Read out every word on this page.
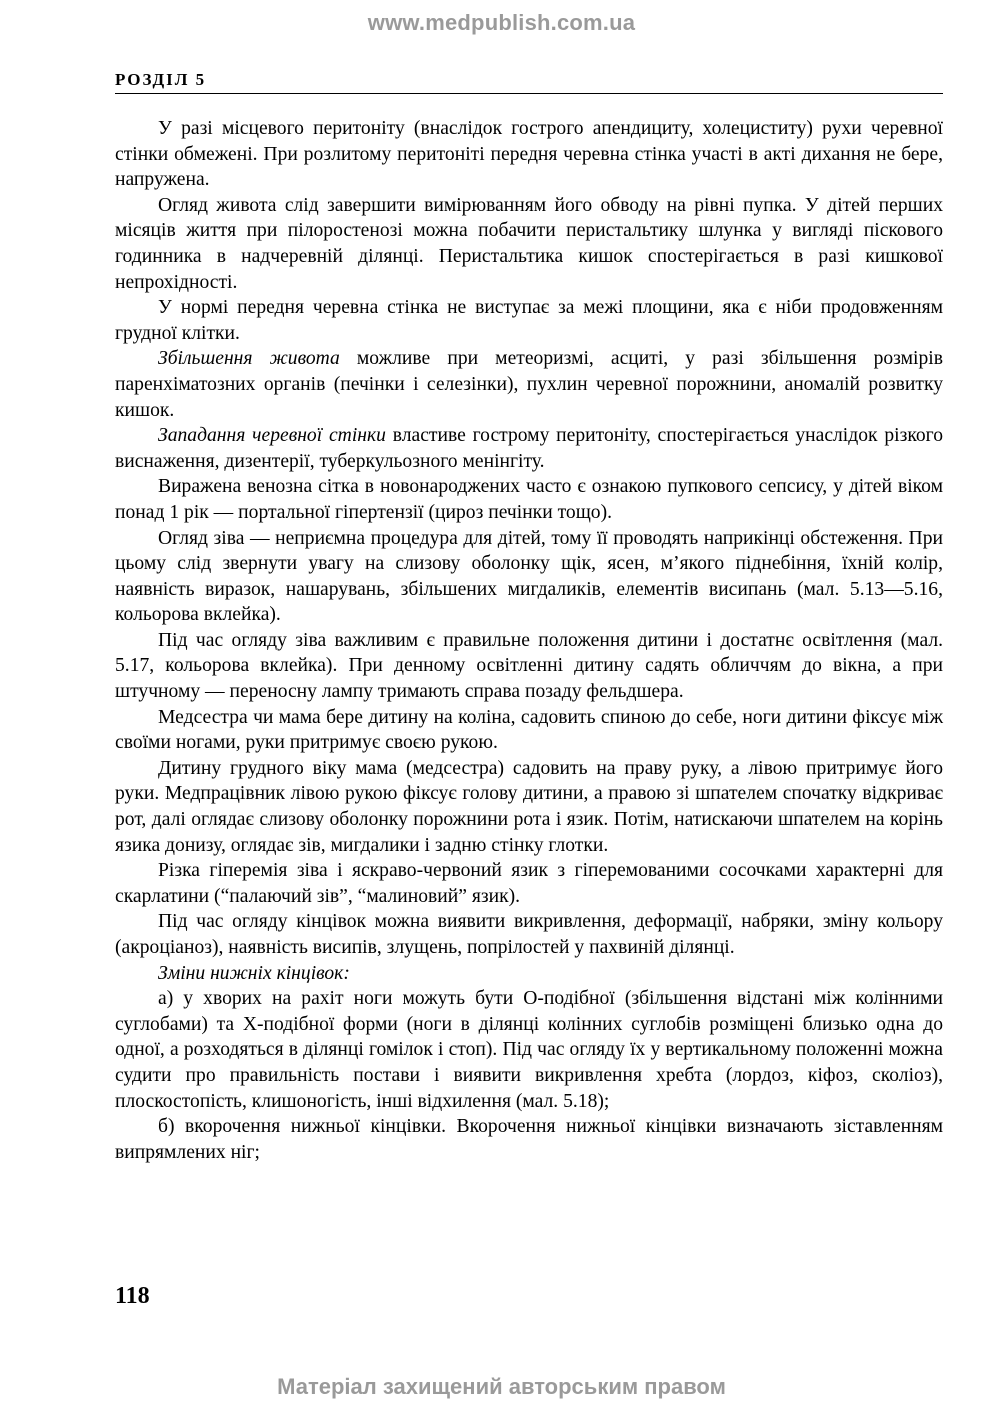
www.medpublish.com.ua
РОЗДІЛ 5

У разі місцевого перитоніту (внаслідок гострого апендициту, холециститу) рухи черевної стінки обмежені. При розлитому перитоніті передня черевна стінка участі в акті дихання не бере, напружена.

Огляд живота слід завершити вимірюванням його обводу на рівні пупка. У дітей перших місяців життя при пілоростенозі можна побачити перистальтику шлунка у вигляді піскового годинника в надчеревній ділянці. Перистальтика кишок спостерігається в разі кишкової непрохідності.

У нормі передня черевна стінка не виступає за межі площини, яка є ніби продовженням грудної клітки.

Збільшення живота можливе при метеоризмі, асциті, у разі збільшення розмірів паренхіматозних органів (печінки і селезінки), пухлин черевної порожнини, аномалій розвитку кишок.

Западання черевної стінки властиве гострому перитоніту, спостерігається унаслідок різкого виснаження, дизентерії, туберкульозного менінгіту.

Виражена венозна сітка в новонароджених часто є ознакою пупкового сепсису, у дітей віком понад 1 рік — портальної гіпертензії (цироз печінки тощо).

Огляд зіва — неприємна процедура для дітей, тому її проводять наприкінці обстеження. При цьому слід звернути увагу на слизову оболонку щік, ясен, м’якого піднебіння, їхній колір, наявність виразок, нашарувань, збільшених мигдаликів, елементів висипань (мал. 5.13—5.16, кольорова вклейка).

Під час огляду зіва важливим є правильне положення дитини і достатнє освітлення (мал. 5.17, кольорова вклейка). При денному освітленні дитину садять обличчям до вікна, а при штучному — переносну лампу тримають справа позаду фельдшера.

Медсестра чи мама бере дитину на коліна, садовить спиною до себе, ноги дитини фіксує між своїми ногами, руки притримує своєю рукою.

Дитину грудного віку мама (медсестра) садовить на праву руку, а лівою притримує його руки. Медпрацівник лівою рукою фіксує голову дитини, а правою зі шпателем спочатку відкриває рот, далі оглядає слизову оболонку порожнини рота і язик. Потім, натискаючи шпателем на корінь язика донизу, оглядає зів, мигдалики і задню стінку глотки.

Різка гіперемія зіва і яскраво-червоний язик з гіперемованими сосочками характерні для скарлатини (“палаючий зів”, “малиновий” язик).

Під час огляду кінцівок можна виявити викривлення, деформації, набряки, зміну кольору (акроціаноз), наявність висипів, злущень, попрілостей у пахвиній ділянці.

Зміни нижніх кінцівок:

а) у хворих на рахіт ноги можуть бути О-подібної (збільшення відстані між колінними суглобами) та Х-подібної форми (ноги в ділянці колінних суглобів розміщені близько одна до одної, а розходяться в ділянці гомілок і стоп). Під час огляду їх у вертикальному положенні можна судити про правильність постави і виявити викривлення хребта (лордоз, кіфоз, сколіоз), плоскостопість, клишоногість, інші відхилення (мал. 5.18);

б) вкорочення нижньої кінцівки. Вкорочення нижньої кінцівки визначають зіставленням випрямлених ніг;

118
Матеріал захищений авторським правом
